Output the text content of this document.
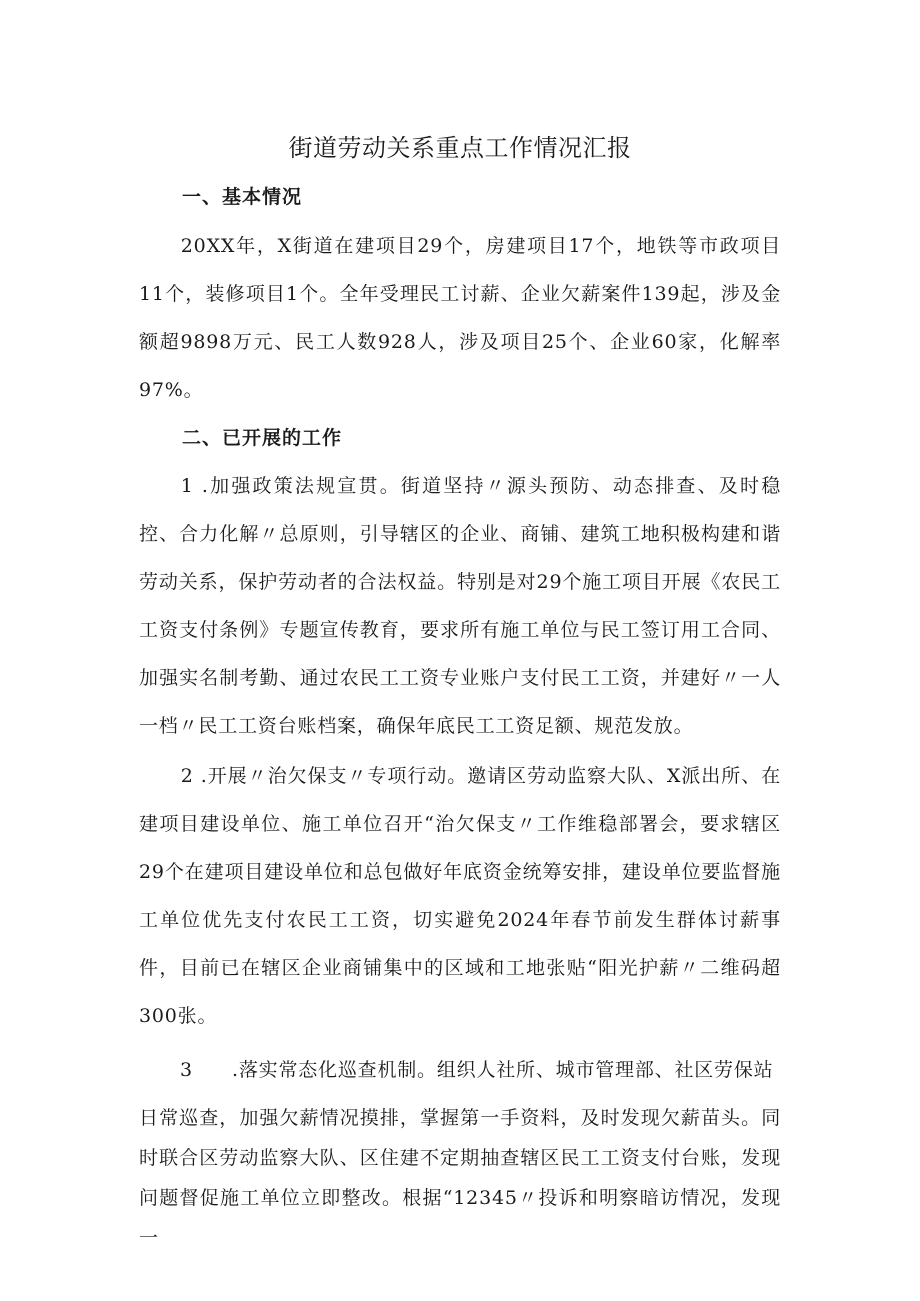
街道劳动关系重点工作情况汇报
一、基本情况
20XX年，X街道在建项目29个，房建项目17个，地铁等市政项目11个，装修项目1个。全年受理民工讨薪、企业欠薪案件139起，涉及金额超9898万元、民工人数928人，涉及项目25个、企业60家，化解率97%。
二、已开展的工作
1 .加强政策法规宣贯。街道坚持〃源头预防、动态排查、及时稳控、合力化解〃总原则，引导辖区的企业、商铺、建筑工地积极构建和谐劳动关系，保护劳动者的合法权益。特别是对29个施工项目开展《农民工工资支付条例》专题宣传教育，要求所有施工单位与民工签订用工合同、加强实名制考勤、通过农民工工资专业账户支付民工工资，并建好〃一人一档〃民工工资台账档案，确保年底民工工资足额、规范发放。
2 .开展〃治欠保支〃专项行动。邀请区劳动监察大队、X派出所、在建项目建设单位、施工单位召开“治欠保支〃工作维稳部署会，要求辖区29个在建项目建设单位和总包做好年底资金统筹安排，建设单位要监督施工单位优先支付农民工工资，切实避免2024年春节前发生群体讨薪事件，目前已在辖区企业商铺集中的区域和工地张贴“阳光护薪〃二维码超300张。
3 .落实常态化巡查机制。组织人社所、城市管理部、社区劳保站
日常巡查，加强欠薪情况摸排，掌握第一手资料，及时发现欠薪苗头。同时联合区劳动监察大队、区住建不定期抽查辖区民工工资支付台账，发现问题督促施工单位立即整改。根据“12345〃投诉和明察暗访情况，发现一
